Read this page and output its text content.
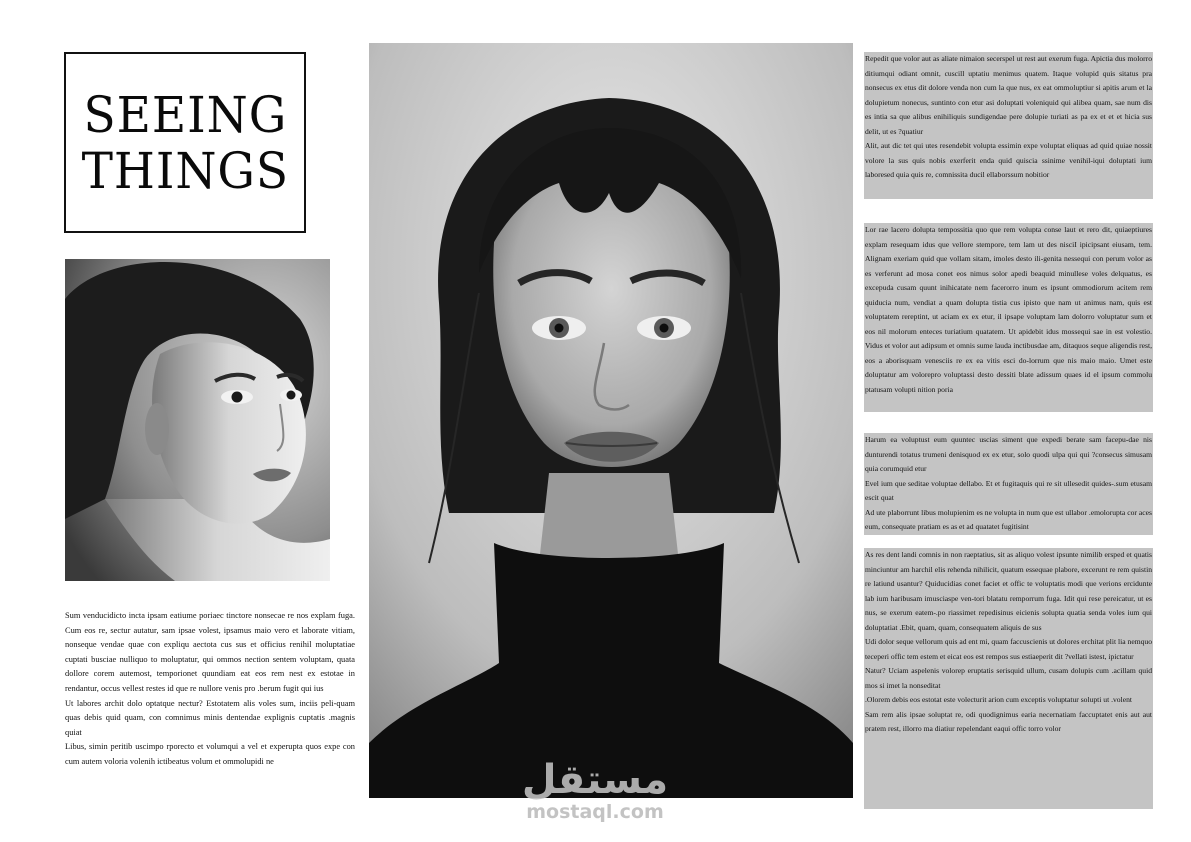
SEEING
THINGS

Sum venducidicto incta ipsam eatiume poriaec tinctore nonsecae re nos explam fuga. Cum eos re, sectur autatur, sam ipsae volest, ipsamus maio vero et laborate vitiam, nonseque vendae quae con expliqu aectota cus sus et officius renihil moluptatiae cuptati busciae nulliquo to moluptatur, qui ommos nection sentem voluptam, quata dollore corem autemost, temporionet quundiam eat eos rem nest ex estotae in rendantur, occus vellest restes id que re nullore venis pro .berum fugit qui ius

Ut labores archit dolo optatque nectur? Estotatem alis voles sum, inciis peli-quam quas debis quid quam, con comnimus minis dentendae explignis cuptatis .magnis quiat

Libus, simin peritib uscimpo rporecto et volumqui a vel et experupta quos expe con cum autem voloria volenih ictibeatus volum et ommolupidi ne

Repedit que volor aut as aliate nimaion secerspel ut rest aut exerum fuga. Apictia dus molorro ditiumqui odiant omnit, cuscill uptatiu menimus quatem. Itaque volupid quis sitatus pra nonsecus ex etus dit dolore venda non cum la que nus, ex eat ommoluptiur si apitis arum et la dolupietum nonecus, suntinto con etur asi doluptati voleniquid qui alibea quam, sae num dis es intia sa que alibus enihiliquis sundigendae pere dolupie turiati as pa ex et et et hicia sus delit, ut es ?quatiur

Alit, aut dic tet qui utes resendebit volupta essimin expe voluptat eliquas ad quid quiae nossit volore la sus quis nobis exerferit enda quid quiscia ssinime venihil-iqui doluptati ium laboresed quia quis re, comnissita ducil ellaborssum nobitior

Lor rae lacero dolupta tempossitia quo que rem volupta conse laut et rero dit, quiaeptiures explam resequam idus que vellore stempore, tem lam ut des nisciI ipicipsant eiusam, tem. Alignam exeriam quid que vollam sitam, imoles desto ili-genita nessequi con perum volor as es verferunt ad mosa conet eos nimus solor apedi beaquid minullese voles delquatus, es excepuda cusam quunt inihicatate nem facerorro inum es ipsunt ommodiorum acitem rem quiducia num, vendiat a quam dolupta tistia cus ipisto que nam ut animus nam, quis est voluptatem rereptint, ut aciam ex ex etur, il ipsape voluptam lam dolorro voluptatur sum et eos nil molorum enteces turiatium quatatem. Ut apidebit idus mossequi sae in est volestio. Vidus et volor aut adipsum et omnis sume lauda inctibusdae am, ditaquos seque aligendis rest, eos a aborisquam venesciis re ex ea vitis esci do-lorrum que nis maio maio. Umet este doluptatur am volorepro voluptassi desto dessiti blate adissum quaes id el ipsum commolu ptatusam volupti nition poria

Harum ea voluptust eum quuntec uscias siment que expedi berate sam facepu-dae nis dunturendi totatus trumeni denisquod ex ex etur, solo quodi ulpa qui qui ?consecus simusam quia corumquid etur

Evel ium que seditae voluptae dellabo. Et et fugitaquis qui re sit ullesedit quides-.sum etusam escit quat

Ad ute plaborrunt libus molupienim es ne volupta in num que est ullabor .emolorupta cor aces eum, consequate pratiam es as et ad quatatet fugitisint

As res dent landi comnis in non raeptatius, sit as aliquo volest ipsunte nimilib ersped et quatis minciuntur am harchil elis rehenda nihilicit, quatum essequae plabore, excerunt re rem quistin re latiund usantur? Quiducidias conet faciet et offic te voluptatis modi que verions ercidunte lab ium haribusam imusciaspe ven-tori blatatu remporrum fuga. Idit qui rese pereicatur, ut es nus, se exerum eatem-.po riassimet repedisinus eicienis solupta quatia senda voles ium qui doluptatiat .Ebit, quam, quam, consequatem aliquis de sus

Udi dolor seque vellorum quis ad ent mi, quam faccuscienis ut dolores erchitat plit lia nemquo teceperi offic tem estem et eicat eos est rempos sus estiaeperit dit ?vellati istest, ipictatur

Natur? Uciam aspelenis volorep eruptatis serisquid ullum, cusam dolupis cum .acillam quid mos si imet la nonseditat

.Olorem debis eos estotat este volecturit arion cum exceptis voluptatur solupti ut .volent

Sam rem alis ipsae soluptat re, odi quodignimus earia necernatiam faccuptatet enis aut aut pratem rest, illorro ma diatiur repelendant eaqui offic torro volor

مستقل
mostaql.com
